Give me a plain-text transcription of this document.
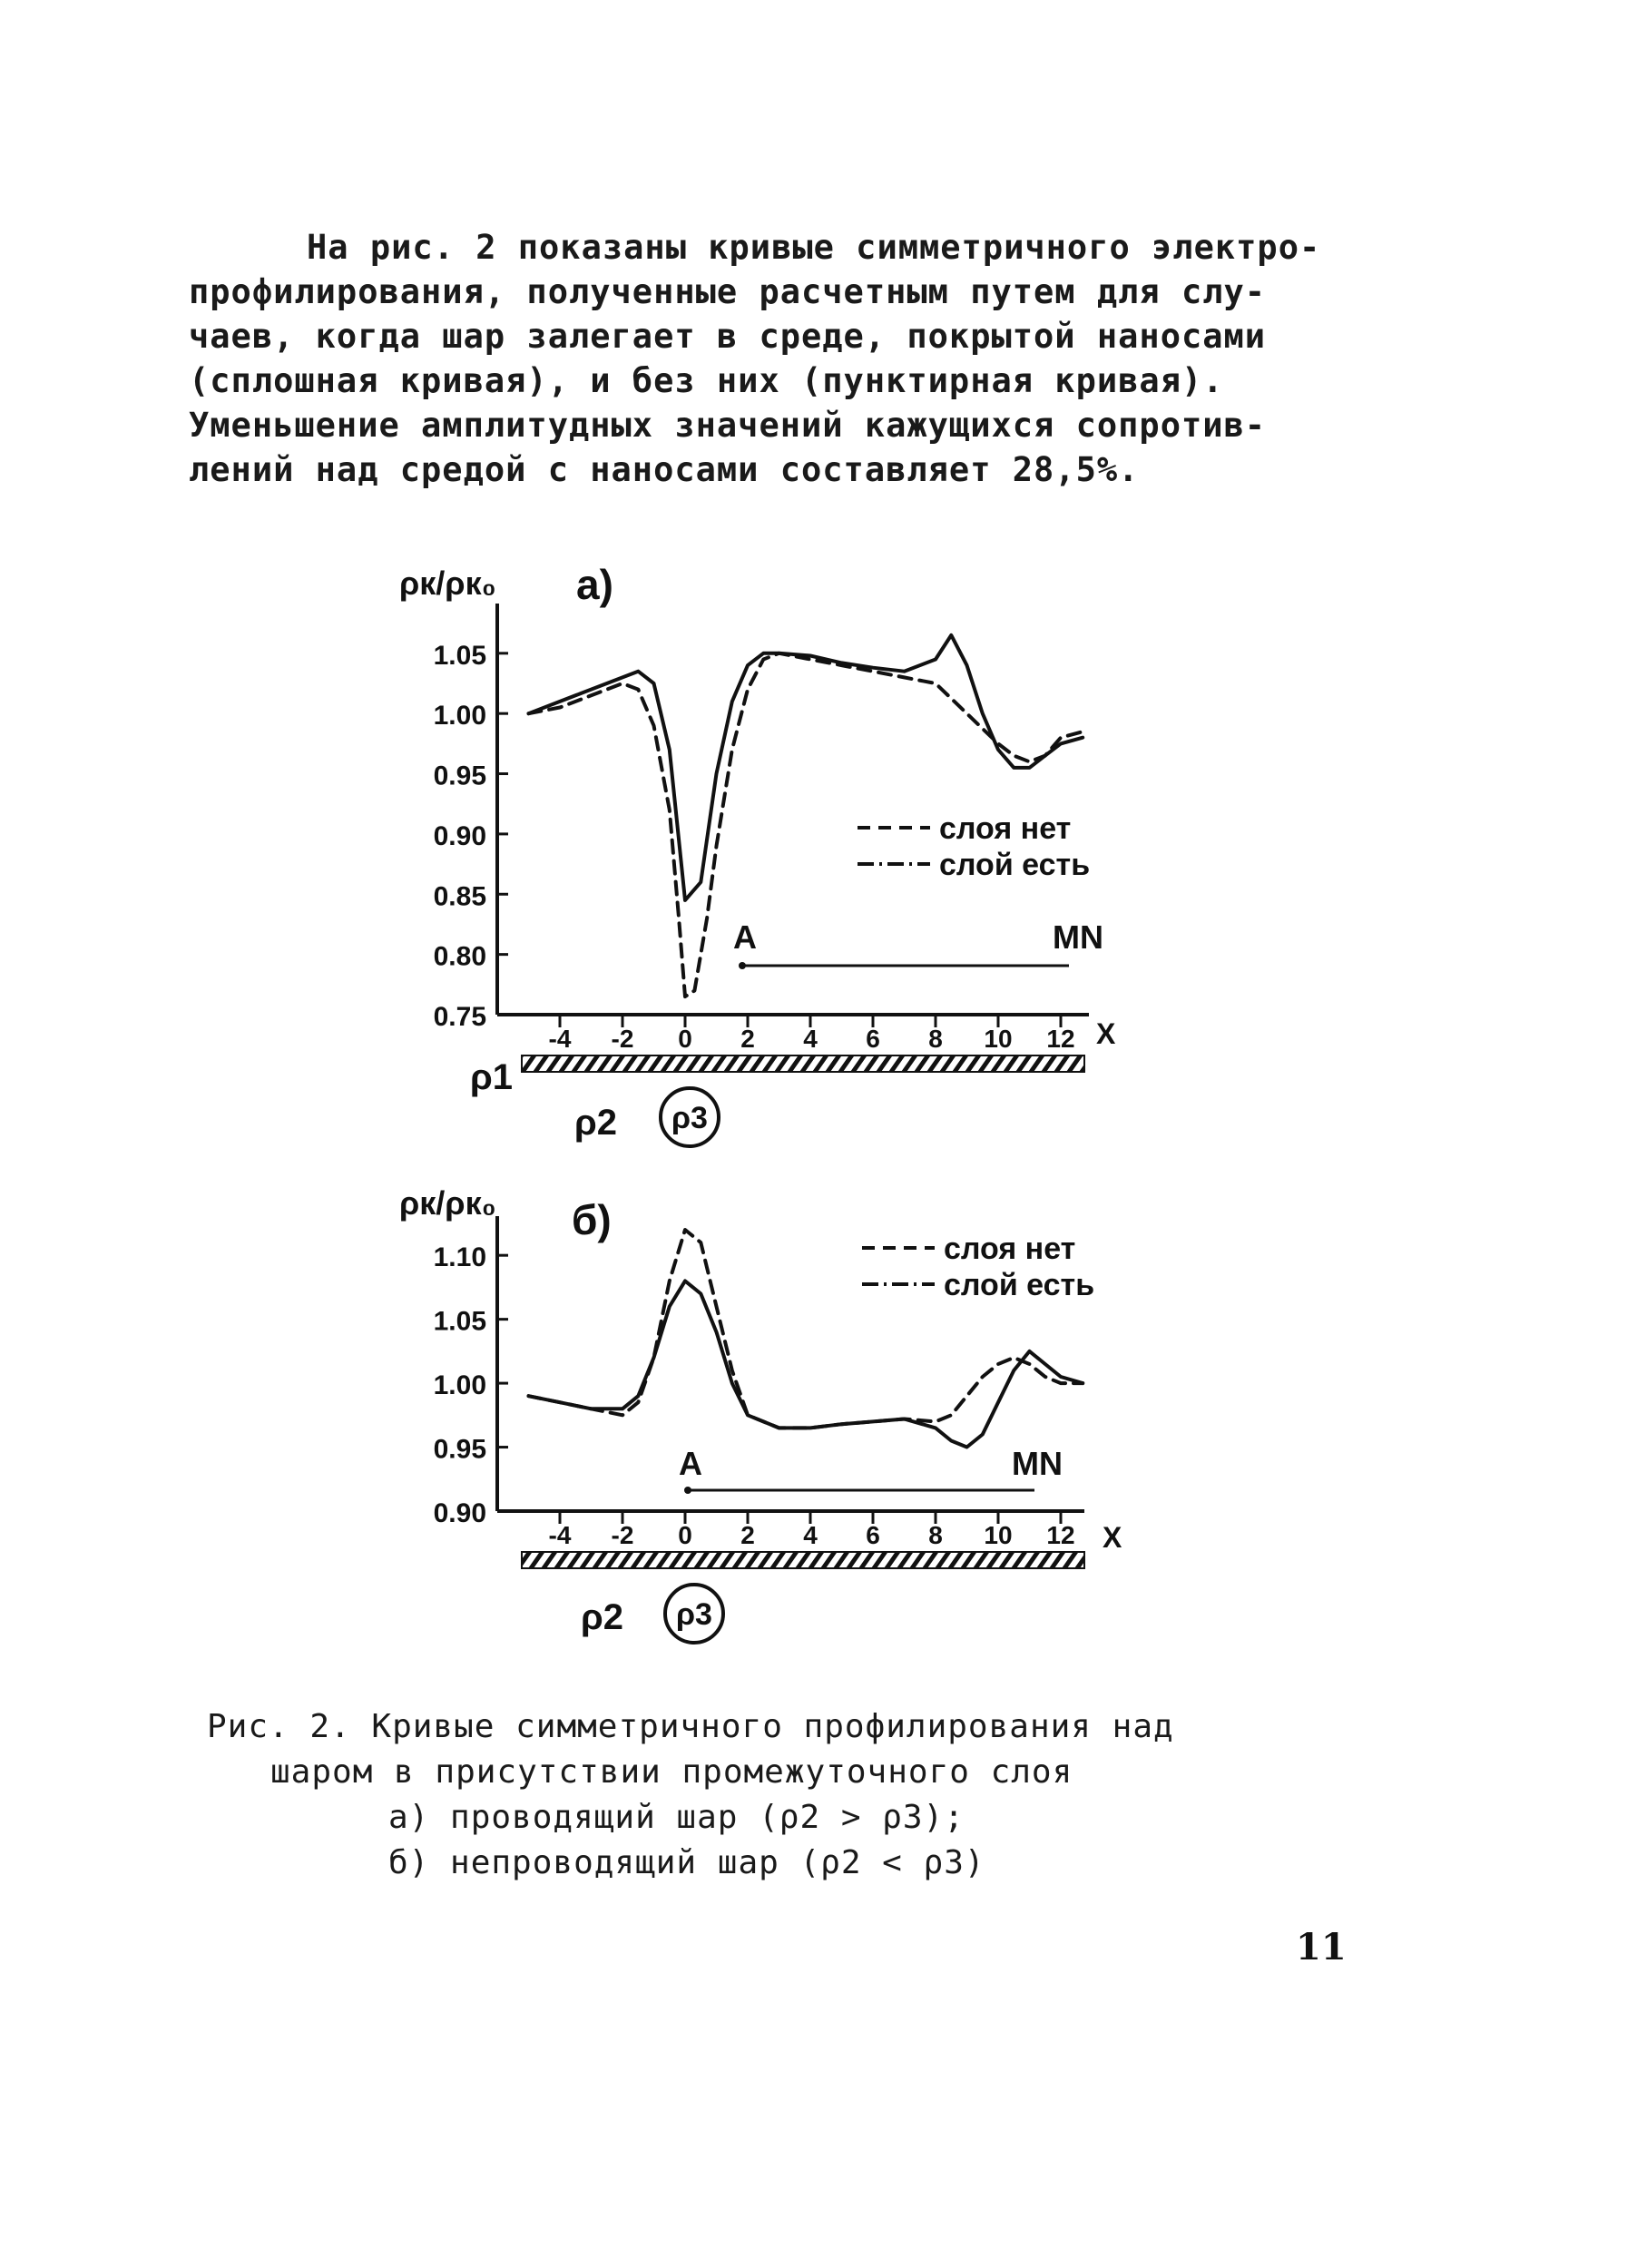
На рис. 2 показаны кривые симметричного электро-
профилирования, полученные расчетным путем для слу-
чаев, когда шар залегает в среде, покрытой наносами
(сплошная кривая), и без них (пунктирная кривая).
Уменьшение амплитудных значений кажущихся сопротив-
лений над средой с наносами составляет 28,5%.
1.05
1.00
0.95
0.90
0.85
0.80
0.75
-4 -2 0 2 4 6 8 10 12 X
а)
ρк/ρк₀
слоя нет
слой есть
A	MN
ρ1
ρ2 ρ3
1.10
1.05
1.00
0.95
0.90
-4 -2 0 2 4 6 8 10 12 X
б)
ρк/ρк₀
слоя нет
слой есть
A	MN
ρ2 ρ3
Рис. 2. Кривые симметричного профилирования над
шаром в присутствии промежуточного слоя
а) проводящий шар (ρ2 > ρ3);
б) непроводящий шар (ρ2 < ρ3)
11
